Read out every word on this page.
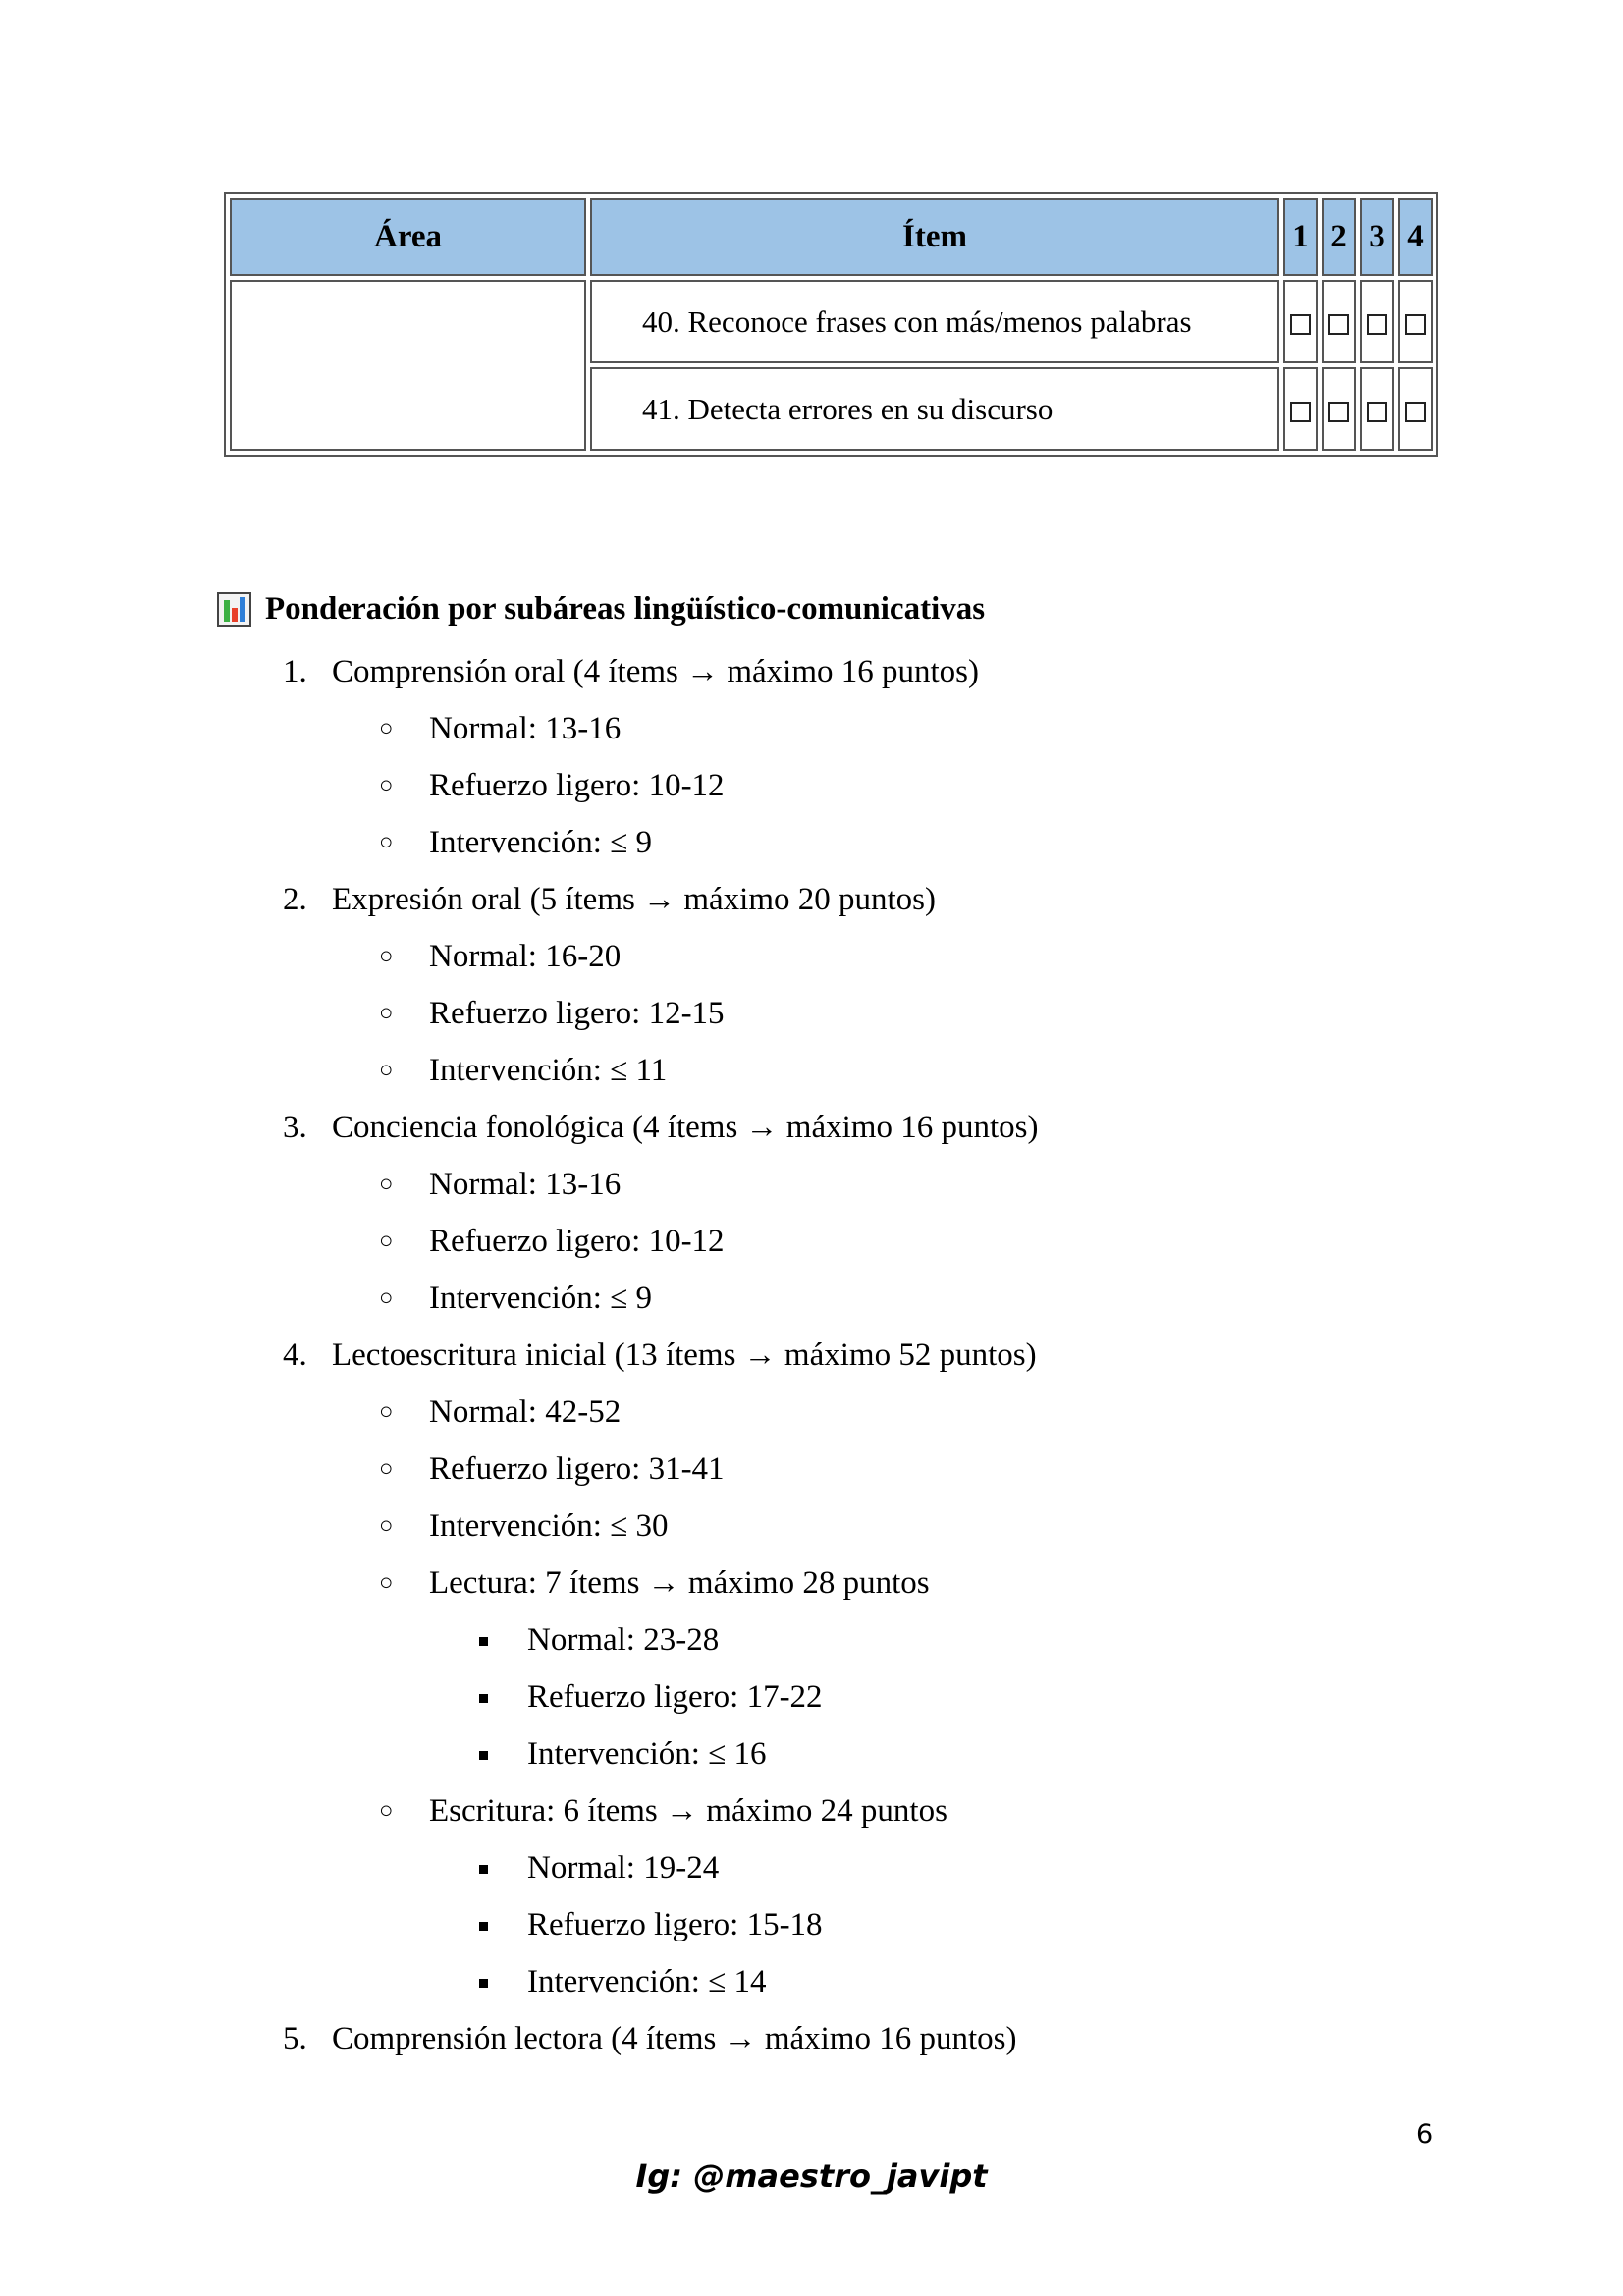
Área	Ítem	1	2	3	4
	40. Reconoce frases con más/menos palabras				
	41. Detecta errores en su discurso				
Ponderación por subáreas lingüístico-comunicativas
1. Comprensión oral (4 ítems → máximo 16 puntos)
○ Normal: 13-16
○ Refuerzo ligero: 10-12
○ Intervención: ≤ 9
2. Expresión oral (5 ítems → máximo 20 puntos)
○ Normal: 16-20
○ Refuerzo ligero: 12-15
○ Intervención: ≤ 11
3. Conciencia fonológica (4 ítems → máximo 16 puntos)
○ Normal: 13-16
○ Refuerzo ligero: 10-12
○ Intervención: ≤ 9
4. Lectoescritura inicial (13 ítems → máximo 52 puntos)
○ Normal: 42-52
○ Refuerzo ligero: 31-41
○ Intervención: ≤ 30
○ Lectura: 7 ítems → máximo 28 puntos
Normal: 23-28
Refuerzo ligero: 17-22
Intervención: ≤ 16
○ Escritura: 6 ítems → máximo 24 puntos
Normal: 19-24
Refuerzo ligero: 15-18
Intervención: ≤ 14
5. Comprensión lectora (4 ítems → máximo 16 puntos)
6
Ig: @maestro_javipt
